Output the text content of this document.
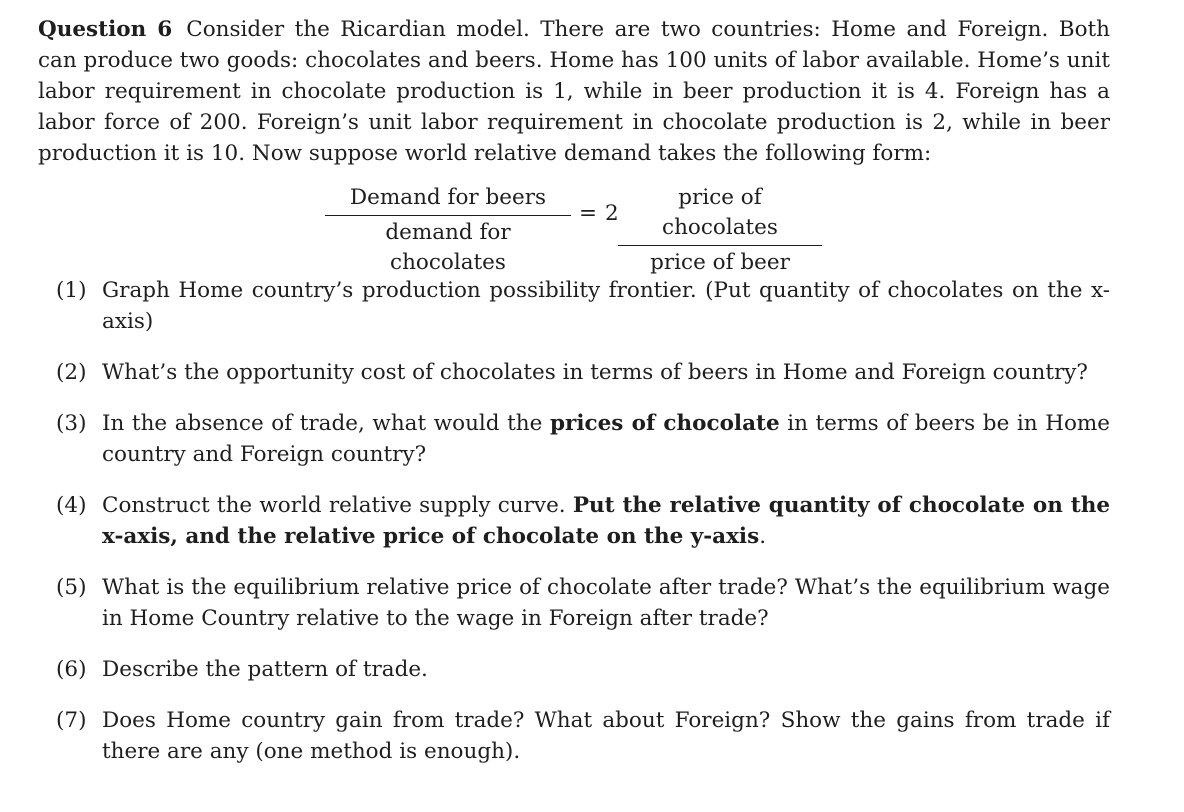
Question 6 Consider the Ricardian model. There are two countries: Home and Foreign. Both can produce two goods: chocolates and beers. Home has 100 units of labor available. Home’s unit labor requirement in chocolate production is 1, while in beer production it is 4. Foreign has a labor force of 200. Foreign’s unit labor requirement in chocolate production is 2, while in beer production it is 10. Now suppose world relative demand takes the following form:

Demand for beers
demand for chocolates
= 2
price of chocolates
price of beer
(1) Graph Home country’s production possibility frontier. (Put quantity of chocolates on the x-axis)
(2) What’s the opportunity cost of chocolates in terms of beers in Home and Foreign country?
(3) In the absence of trade, what would the prices of chocolate in terms of beers be in Home country and Foreign country?
(4) Construct the world relative supply curve. Put the relative quantity of chocolate on the x-axis, and the relative price of chocolate on the y-axis.
(5) What is the equilibrium relative price of chocolate after trade? What’s the equilibrium wage in Home Country relative to the wage in Foreign after trade?
(6) Describe the pattern of trade.
(7) Does Home country gain from trade? What about Foreign? Show the gains from trade if there are any (one method is enough).
